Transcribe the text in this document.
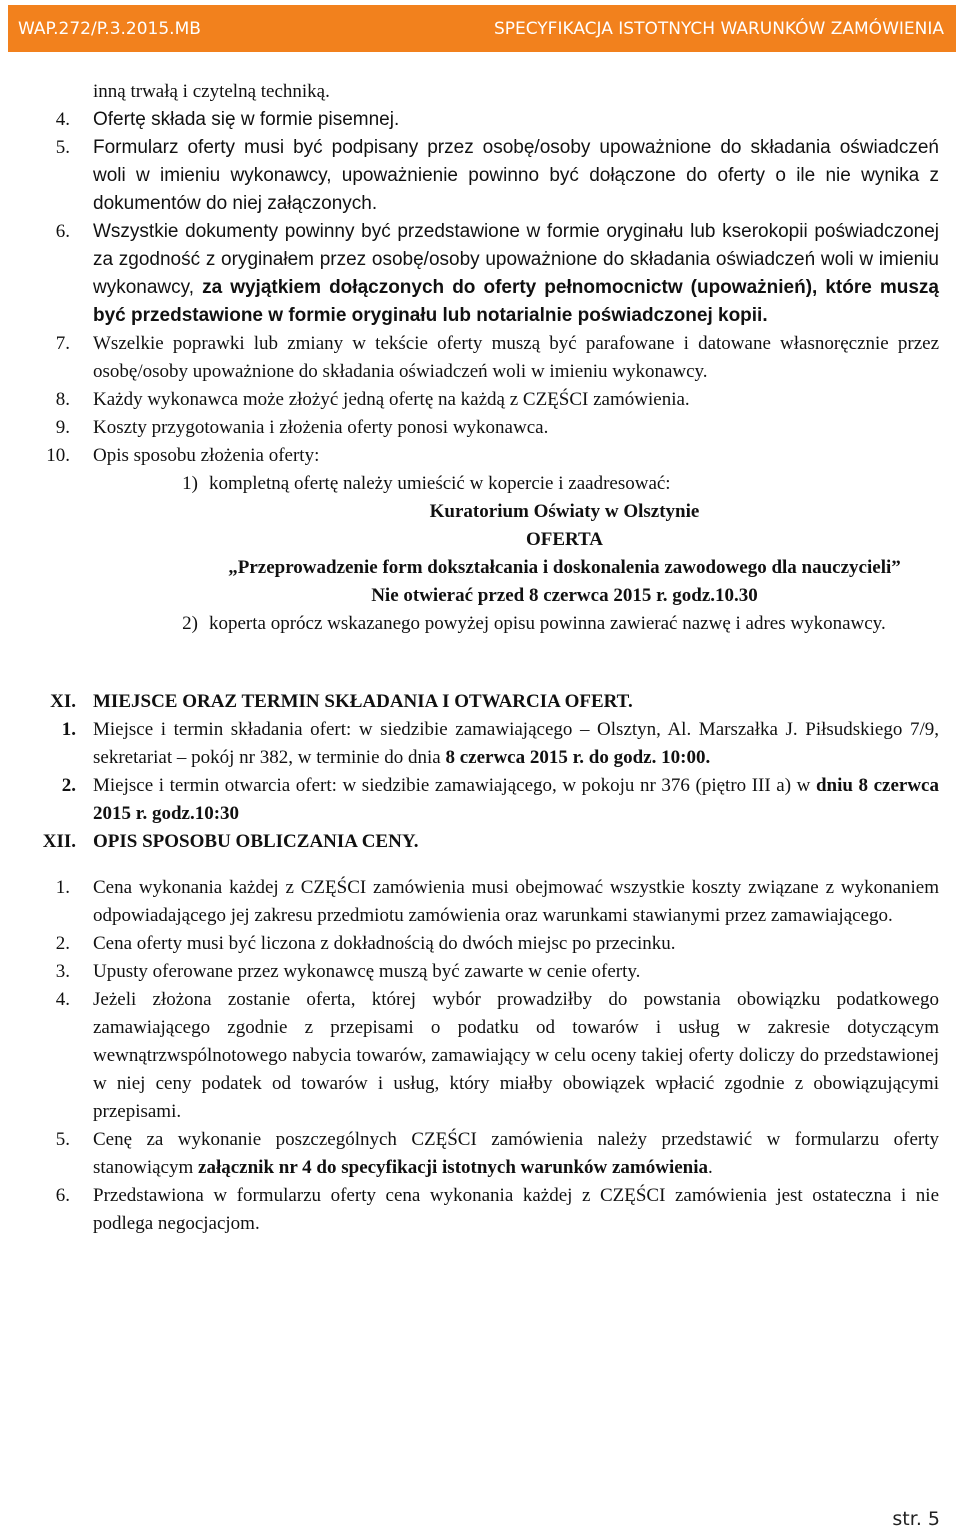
WAP.272/P.3.2015.MB	SPECYFIKACJA ISTOTNYCH WARUNKÓW ZAMÓWIENIA

inną trwałą i czytelną techniką.

4. Ofertę składa się w formie pisemnej.

5. Formularz oferty musi być podpisany przez osobę/osoby upoważnione do składania oświadczeń woli w imieniu wykonawcy, upoważnienie powinno być dołączone do oferty o ile nie wynika z dokumentów do niej załączonych.

6. Wszystkie dokumenty powinny być przedstawione w formie oryginału lub kserokopii poświadczonej za zgodność z oryginałem przez osobę/osoby upoważnione do składania oświadczeń woli w imieniu wykonawcy, za wyjątkiem dołączonych do oferty pełnomocnictw (upoważnień), które muszą być przedstawione w formie oryginału lub notarialnie poświadczonej kopii.

7. Wszelkie poprawki lub zmiany w tekście oferty muszą być parafowane i datowane własnoręcznie przez osobę/osoby upoważnione do składania oświadczeń woli w imieniu wykonawcy.

8. Każdy wykonawca może złożyć jedną ofertę na każdą z CZĘŚCI zamówienia.

9. Koszty przygotowania i złożenia oferty ponosi wykonawca.

10. Opis sposobu złożenia oferty:

1) kompletną ofertę należy umieścić w kopercie i zaadresować:

Kuratorium Oświaty w Olsztynie
OFERTA
„Przeprowadzenie form dokształcania i doskonalenia zawodowego dla nauczycieli”
Nie otwierać przed 8 czerwca 2015 r. godz.10.30

2) koperta oprócz wskazanego powyżej opisu powinna zawierać nazwę i adres wykonawcy.

XI. MIEJSCE ORAZ TERMIN SKŁADANIA I OTWARCIA OFERT.

1. Miejsce i termin składania ofert: w siedzibie zamawiającego – Olsztyn, Al. Marszałka J. Piłsudskiego 7/9, sekretariat – pokój nr 382, w terminie do dnia 8 czerwca 2015 r. do godz. 10:00.

2. Miejsce i termin otwarcia ofert: w siedzibie zamawiającego, w pokoju nr 376 (piętro III a) w dniu 8 czerwca 2015 r. godz.10:30

XII. OPIS SPOSOBU OBLICZANIA CENY.

1. Cena wykonania każdej z CZĘŚCI zamówienia musi obejmować wszystkie koszty związane z wykonaniem odpowiadającego jej zakresu przedmiotu zamówienia oraz warunkami stawianymi przez zamawiającego.

2. Cena oferty musi być liczona z dokładnością do dwóch miejsc po przecinku.

3. Upusty oferowane przez wykonawcę muszą być zawarte w cenie oferty.

4. Jeżeli złożona zostanie oferta, której wybór prowadziłby do powstania obowiązku podatkowego zamawiającego zgodnie z przepisami o podatku od towarów i usług w zakresie dotyczącym wewnątrzwspólnotowego nabycia towarów, zamawiający w celu oceny takiej oferty doliczy do przedstawionej w niej ceny podatek od towarów i usług, który miałby obowiązek wpłacić zgodnie z obowiązującymi przepisami.

5. Cenę za wykonanie poszczególnych CZĘŚCI zamówienia należy przedstawić w formularzu oferty stanowiącym załącznik nr 4 do specyfikacji istotnych warunków zamówienia.

6. Przedstawiona w formularzu oferty cena wykonania każdej z CZĘŚCI zamówienia jest ostateczna i nie podlega negocjacjom.

str. 5
